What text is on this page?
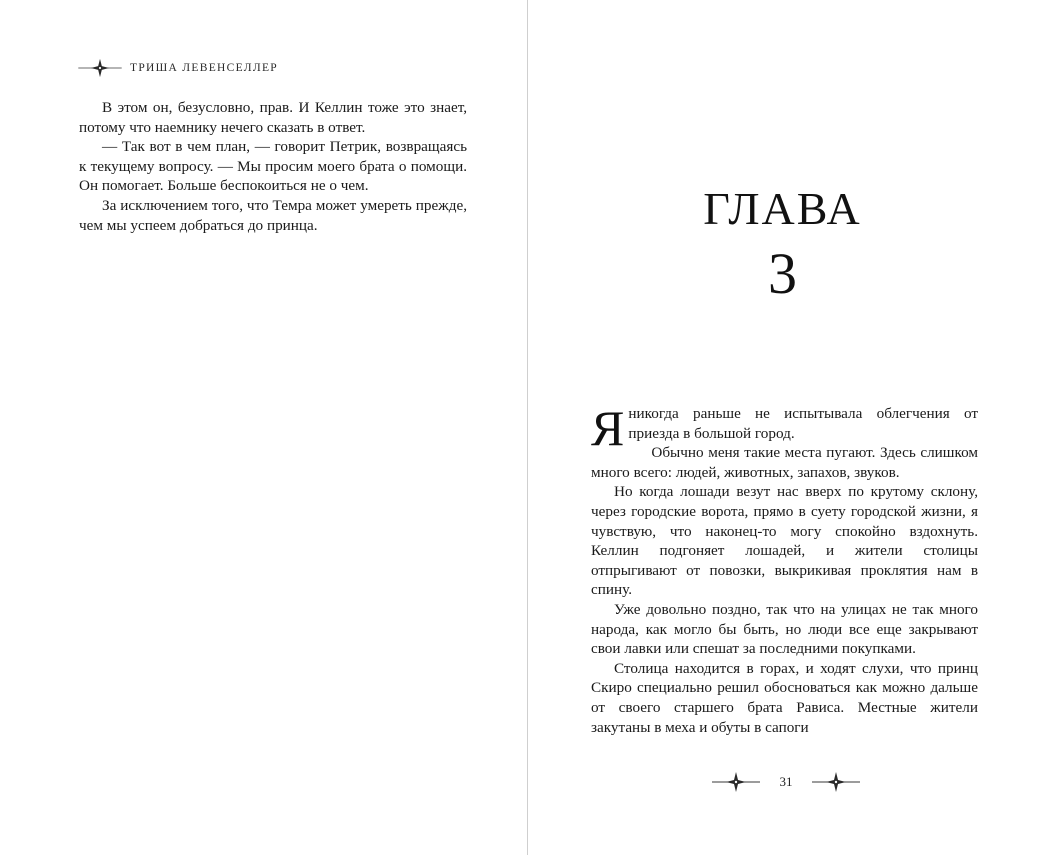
ТРИША ЛЕВЕНСЕЛЛЕР

В этом он, безусловно, прав. И Келлин тоже это знает, потому что наемнику нечего сказать в ответ.

— Так вот в чем план, — говорит Петрик, возвращаясь к текущему вопросу. — Мы просим моего брата о помощи. Он помогает. Больше беспокоиться не о чем.

За исключением того, что Темра может умереть прежде, чем мы успеем добраться до принца.	ГЛАВА
3

Яникогда раньше не испытывала облегчения от приезда в большой город.

Обычно меня такие места пугают. Здесь слишком много всего: людей, животных, запахов, звуков.

Но когда лошади везут нас вверх по крутому склону, через городские ворота, прямо в суету городской жизни, я чувствую, что наконец-то могу спокойно вздохнуть. Келлин подгоняет лошадей, и жители столицы отпрыгивают от повозки, выкрикивая проклятия нам в спину.

Уже довольно поздно, так что на улицах не так много народа, как могло бы быть, но люди все еще закрывают свои лавки или спешат за последними покупками.

Столица находится в горах, и ходят слухи, что принц Скиро специально решил обосноваться как можно дальше от своего старшего брата Рависа. Местные жители закутаны в меха и обуты в сапоги

31
